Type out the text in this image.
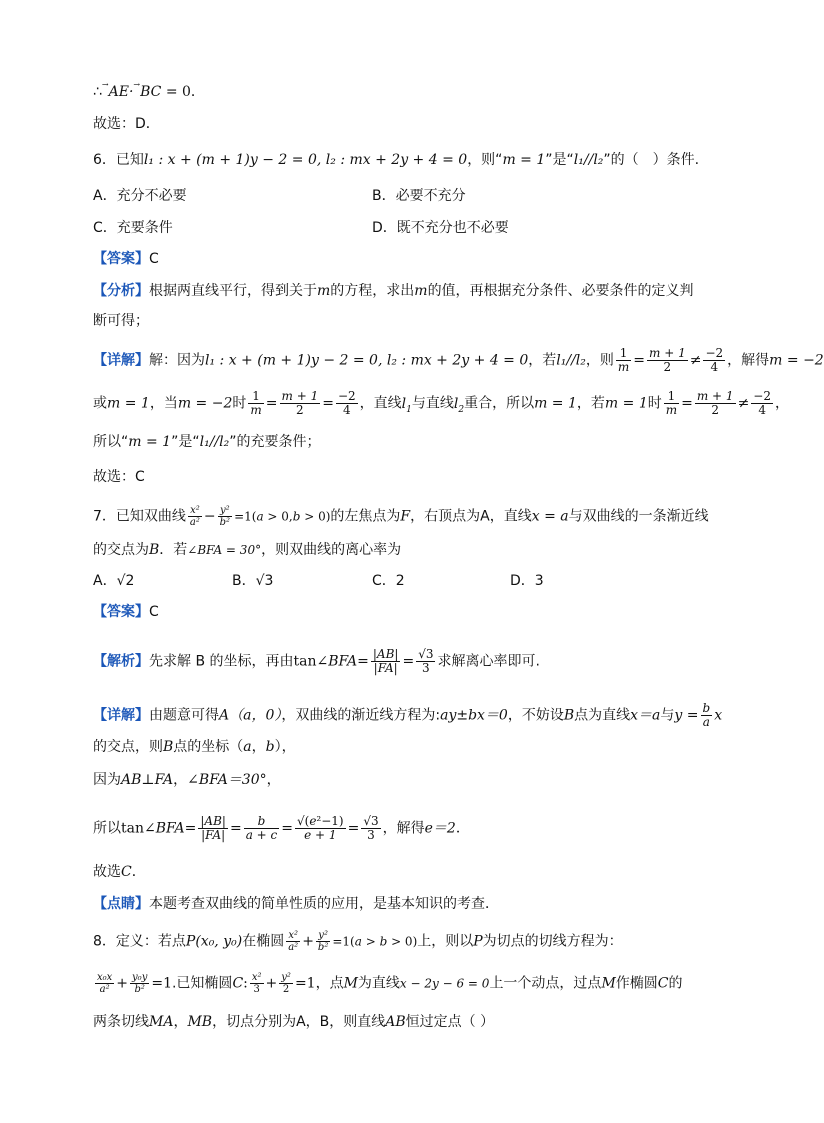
∴→AE·→BC = 0．
故选：D．
6．已知l₁ : x + (m + 1)y − 2 = 0, l₂ : mx + 2y + 4 = 0，则“m = 1”是“l₁//l₂”的（　）条件.
A．充分不必要	B．必要不充分
C．充要条件	D．既不充分也不必要
【答案】C
【分析】根据两直线平行，得到关于m的方程，求出m的值，再根据充分条件、必要条件的定义判
断可得；
【详解】解：因为l₁ : x + (m + 1)y − 2 = 0, l₂ : mx + 2y + 4 = 0，若l₁//l₂，则 $\frac{1}{m} = \frac{m + 1}{2} \ne \frac{-2}{4}$ ，解得m = −2
或m = 1，当m = −2时 $\frac{1}{m} = \frac{m + 1}{2} = \frac{-2}{4}$ ，直线$l_1$与直线$l_2$重合，所以m = 1，若m = 1时 $\frac{1}{m} = \frac{m + 1}{2} \ne \frac{-2}{4}$ ，
所以“m = 1”是“l₁//l₂”的充要条件；
故选：C
7．已知双曲线 $\frac{\text{x²}}{\text{a²}} - \frac{\text{y²}}{\text{b²}} =1(a > 0,b > 0)$的左焦点为F，右顶点为A，直线x = a与双曲线的一条渐近线
的交点为B．若∠BFA = 30°，则双曲线的离心率为
A．√2	B．√3	C．2	D．3
【答案】C
【解析】先求解 B 的坐标，再由tan∠BFA= $\frac{|AB|}{|FA|} = \frac{√3}{3}$ 求解离心率即可.
【详解】由题意可得A（a，0），双曲线的渐近线方程为:ay±bx＝0，不妨设B点为直线x＝a与$y = \frac{b}{a}$ x
的交点，则B点的坐标（a，b），
因为AB⊥FA，∠BFA＝30°，
所以tan∠BFA= $\frac{|AB|}{|FA|} = \frac{b}{a + c} = \frac{\text{√(e²−1)}}{e + 1} = \frac{√3}{3}$ ，解得e＝2．
故选C．
【点睛】本题考查双曲线的简单性质的应用，是基本知识的考查．
8．定义：若点P(x₀, y₀)在椭圆 $\frac{\text{x²}}{\text{a²}} + \frac{\text{y²}}{\text{b²}} =1(a > b > 0)$上，则以P为切点的切线方程为：
$\frac{\text{x₀x}}{\text{a²}} + \frac{\text{y₀y}}{\text{b²}} =1$.已知椭圆C: $\frac{\text{x²}}{3} + \frac{\text{y²}}{2} =1$，点M为直线x − 2y − 6 = 0上一个动点，过点M作椭圆C的
两条切线MA，MB，切点分别为A，B，则直线AB恒过定点（ ）
